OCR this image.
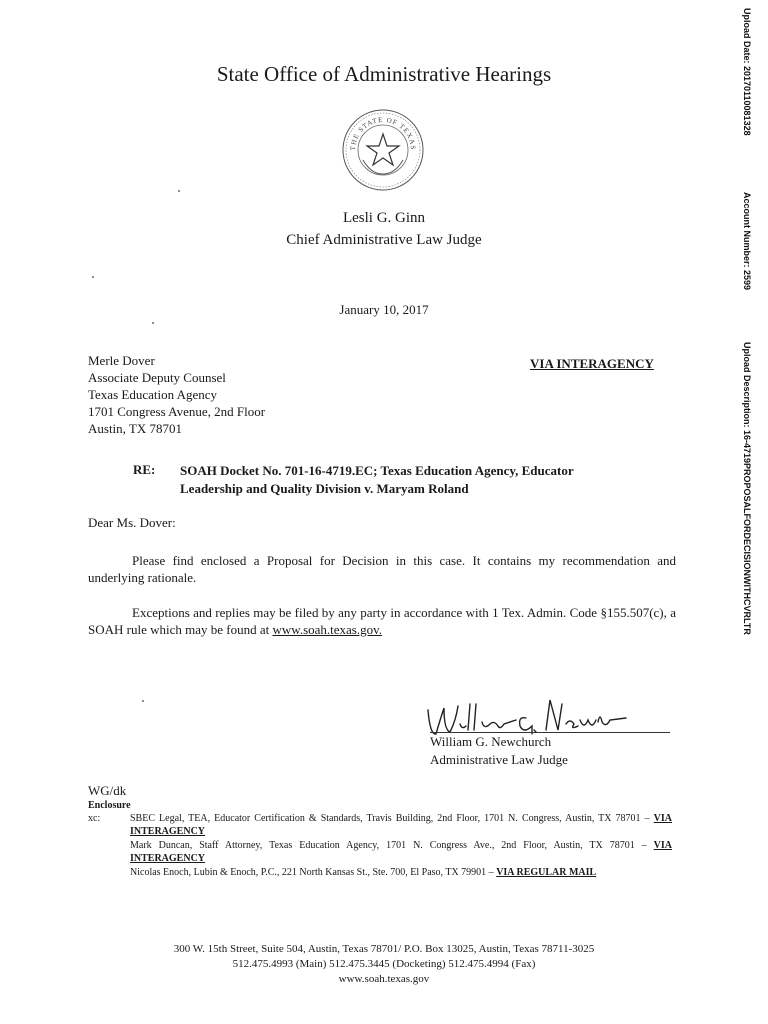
State Office of Administrative Hearings
THE STATE OF TEXAS
Lesli G. Ginn
Chief Administrative Law Judge
January 10, 2017
Merle Dover
Associate Deputy Counsel
Texas Education Agency
1701 Congress Avenue, 2nd Floor
Austin, TX 78701
VIA INTERAGENCY
RE: SOAH Docket No. 701-16-4719.EC; Texas Education Agency, Educator
Leadership and Quality Division v. Maryam Roland
Dear Ms. Dover:
Please find enclosed a Proposal for Decision in this case. It contains my recommendation and underlying rationale.
Exceptions and replies may be filed by any party in accordance with 1 Tex. Admin. Code §155.507(c), a SOAH rule which may be found at www.soah.texas.gov.
William G. Newchurch
Administrative Law Judge
WG/dk
Enclosure
xc:	SBEC Legal, TEA, Educator Certification & Standards, Travis Building, 2nd Floor, 1701 N. Congress, Austin, TX 78701 – VIA INTERAGENCY
Mark Duncan, Staff Attorney, Texas Education Agency, 1701 N. Congress Ave., 2nd Floor, Austin, TX 78701 – VIA INTERAGENCY
Nicolas Enoch, Lubin & Enoch, P.C., 221 North Kansas St., Ste. 700, El Paso, TX 79901 – VIA REGULAR MAIL
300 W. 15th Street, Suite 504, Austin, Texas 78701/ P.O. Box 13025, Austin, Texas 78711-3025
512.475.4993 (Main) 512.475.3445 (Docketing) 512.475.4994 (Fax)
www.soah.texas.gov
Upload Date: 20170110081328
Account Number: 2599
Upload Description: 16-4719PROPOSALFORDECISIONWITHCVRLTR
